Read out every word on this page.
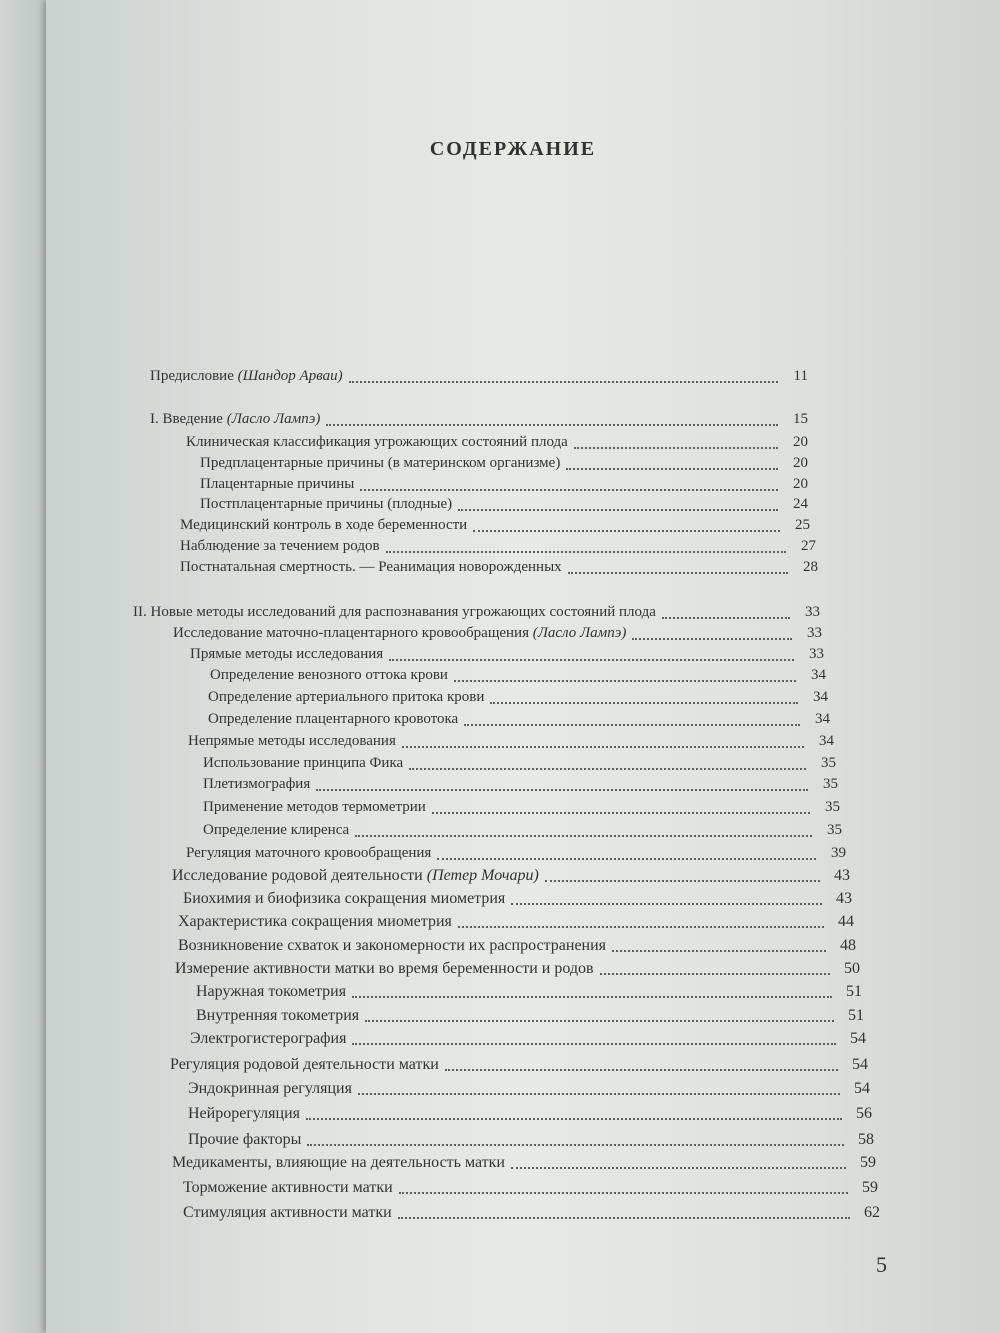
СОДЕРЖАНИЕ
Предисловие (Шандор Арваи)	11
I. Введение (Ласло Лампэ)	15
Клиническая классификация угрожающих состояний плода	20
Предплацентарные причины (в материнском организме)	20
Плацентарные причины	20
Постплацентарные причины (плодные)	24
Медицинский контроль в ходе беременности	25
Наблюдение за течением родов	27
Постнатальная смертность. — Реанимация новорожденных	28
II. Новые методы исследований для распознавания угрожающих состояний плода	33
Исследование маточно-плацентарного кровообращения (Ласло Лампэ)	33
Прямые методы исследования	33
Определение венозного оттока крови	34
Определение артериального притока крови	34
Определение плацентарного кровотока	34
Непрямые методы исследования	34
Использование принципа Фика	35
Плетизмография	35
Применение методов термометрии	35
Определение клиренса	35
Регуляция маточного кровообращения	39
Исследование родовой деятельности (Петер Мочари)	43
Биохимия и биофизика сокращения миометрия	43
Характеристика сокращения миометрия	44
Возникновение схваток и закономерности их распространения	48
Измерение активности матки во время беременности и родов	50
Наружная токометрия	51
Внутренняя токометрия	51
Электрогистерография	54
Регуляция родовой деятельности матки	54
Эндокринная регуляция	54
Нейрорегуляция	56
Прочие факторы	58
Медикаменты, влияющие на деятельность матки	59
Торможение активности матки	59
Стимуляция активности матки	62
5
